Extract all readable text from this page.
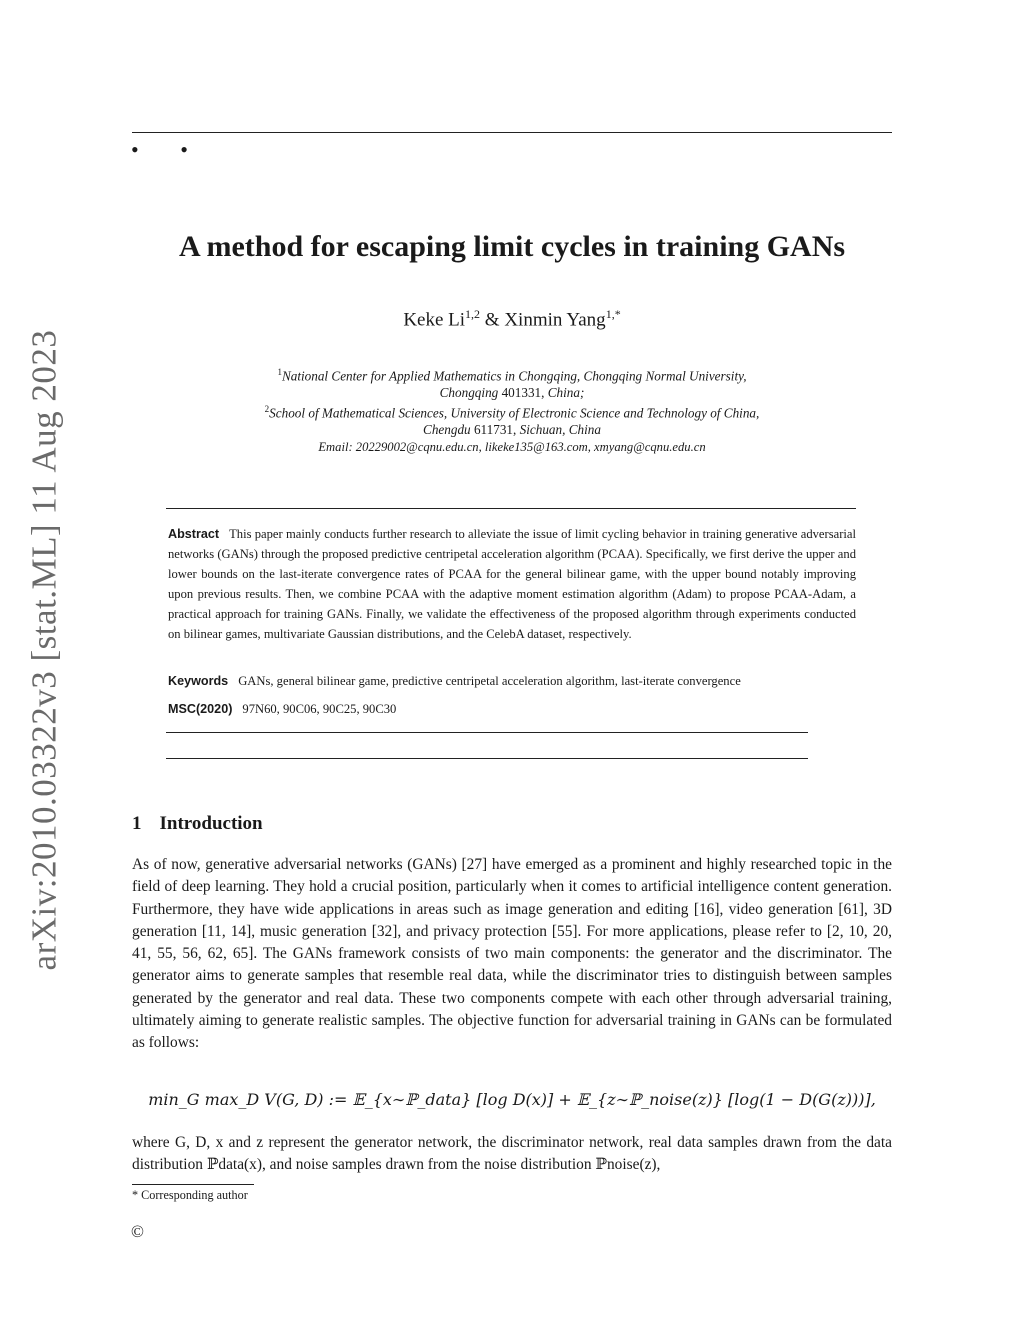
• •
arXiv:2010.03322v3 [stat.ML] 11 Aug 2023
A method for escaping limit cycles in training GANs
Keke Li$^{1,2}$ & Xinmin Yang$^{1,*}$
$^1$National Center for Applied Mathematics in Chongqing, Chongqing Normal University,
Chongqing 401331, China;
$^2$School of Mathematical Sciences, University of Electronic Science and Technology of China,
Chengdu 611731, Sichuan, China
Email: 20229002@cqnu.edu.cn, likeke135@163.com, xmyang@cqnu.edu.cn

Abstract This paper mainly conducts further research to alleviate the issue of limit cycling behavior in training generative adversarial networks (GANs) through the proposed predictive centripetal acceleration algorithm (PCAA). Specifically, we first derive the upper and lower bounds on the last-iterate convergence rates of PCAA for the general bilinear game, with the upper bound notably improving upon previous results. Then, we combine PCAA with the adaptive moment estimation algorithm (Adam) to propose PCAA-Adam, a practical approach for training GANs. Finally, we validate the effectiveness of the proposed algorithm through experiments conducted on bilinear games, multivariate Gaussian distributions, and the CelebA dataset, respectively.

Keywords GANs, general bilinear game, predictive centripetal acceleration algorithm, last-iterate convergence
MSC(2020) 97N60, 90C06, 90C25, 90C30
1 Introduction

As of now, generative adversarial networks (GANs) [27] have emerged as a prominent and highly researched topic in the field of deep learning. They hold a crucial position, particularly when it comes to artificial intelligence content generation. Furthermore, they have wide applications in areas such as image generation and editing [16], video generation [61], 3D generation [11, 14], music generation [32], and privacy protection [55]. For more applications, please refer to [2, 10, 20, 41, 55, 56, 62, 65]. The GANs framework consists of two main components: the generator and the discriminator. The generator aims to generate samples that resemble real data, while the discriminator tries to distinguish between samples generated by the generator and real data. These two components compete with each other through adversarial training, ultimately aiming to generate realistic samples. The objective function for adversarial training in GANs can be formulated as follows:

min_G max_D V(G, D) := 𝔼_{x∼ℙ_data} [log D(x)] + 𝔼_{z∼ℙ_noise(z)} [log(1 − D(G(z)))],

where G, D, x and z represent the generator network, the discriminator network, real data samples drawn from the data distribution ℙdata(x), and noise samples drawn from the noise distribution ℙnoise(z),

* Corresponding author
©
